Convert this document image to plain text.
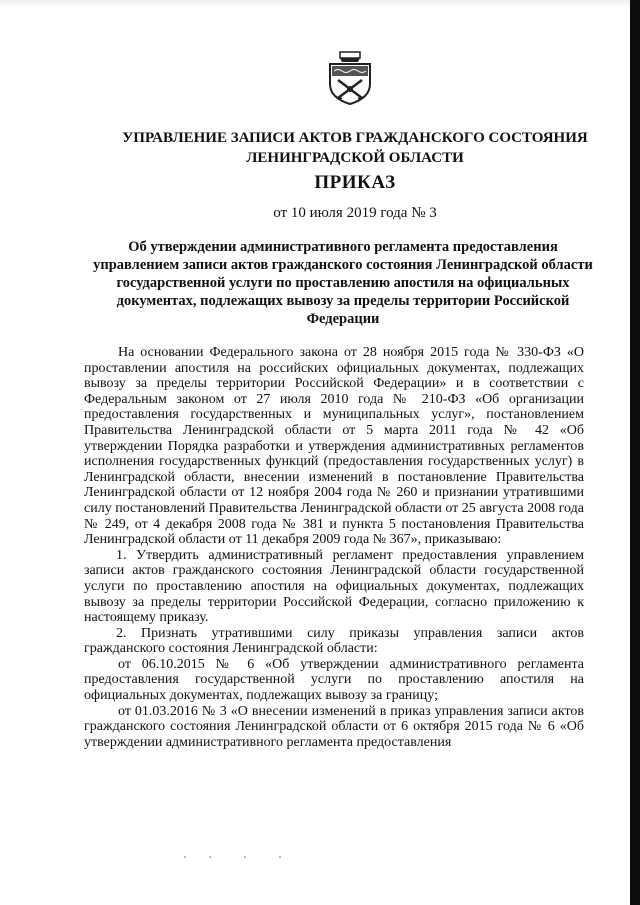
УПРАВЛЕНИЕ ЗАПИСИ АКТОВ ГРАЖДАНСКОГО СОСТОЯНИЯ
ЛЕНИНГРАДСКОЙ ОБЛАСТИ
ПРИКАЗ
от 10 июля 2019 года № 3
Об утверждении административного регламента предоставления управлением записи актов гражданского состояния Ленинградской области государственной услуги по проставлению апостиля на официальных документах, подлежащих вывозу за пределы территории Российской Федерации

На основании Федерального закона от 28 ноября 2015 года № 330-ФЗ «О проставлении апостиля на российских официальных документах, подлежащих вывозу за пределы территории Российской Федерации» и в соответствии с Федеральным законом от 27 июля 2010 года № 210-ФЗ «Об организации предоставления государственных и муниципальных услуг», постановлением Правительства Ленинградской области от 5 марта 2011 года № 42 «Об утверждении Порядка разработки и утверждения административных регламентов исполнения государственных функций (предоставления государственных услуг) в Ленинградской области, внесении изменений в постановление Правительства Ленинградской области от 12 ноября 2004 года № 260 и признании утратившими силу постановлений Правительства Ленинградской области от 25 августа 2008 года № 249, от 4 декабря 2008 года № 381 и пункта 5 постановления Правительства Ленинградской области от 11 декабря 2009 года № 367», приказываю:

1. Утвердить административный регламент предоставления управлением записи актов гражданского состояния Ленинградской области государственной услуги по проставлению апостиля на официальных документах, подлежащих вывозу за пределы территории Российской Федерации, согласно приложению к настоящему приказу.

2. Признать утратившими силу приказы управления записи актов гражданского состояния Ленинградской области:

от 06.10.2015 № 6 «Об утверждении административного регламента предоставления государственной услуги по проставлению апостиля на официальных документах, подлежащих вывозу за границу;

от 01.03.2016 № 3 «О внесении изменений в приказ управления записи актов гражданского состояния Ленинградской области от 6 октября 2015 года № 6 «Об утверждении административного регламента предоставления
